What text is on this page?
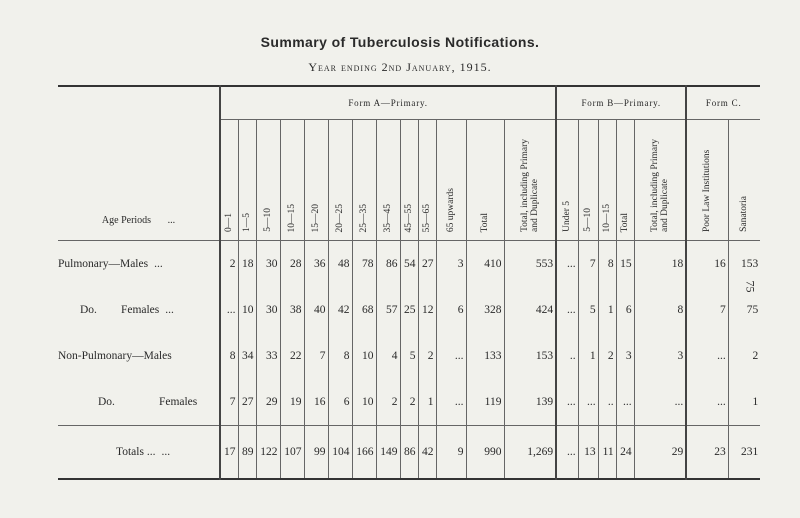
Summary of Tuberculosis Notifications.
Year ending 2nd January, 1915.
75
Age Periods ...	Form A—Primary.													Form B—Primary.					Form C.	

	0—1	1—5	5—10	10—15	15—20	20—25	25—35	35—45	45—55	55—65	65 upwards	Total	Total, including Primary and Duplicate	Under 5	5—10	10—15	Total	Total, including Primary and Duplicate	Poor Law Institutions	Sanatoria

Pulmonary—Males ...	2	18	30	28	36	48	78	86	54	27	3	410	553	...	7	8	15	18	16	153
Do. Females ...	...	10	30	38	40	42	68	57	25	12	6	328	424	...	5	1	6	8	7	75
Non-Pulmonary—Males	8	34	33	22	7	8	10	4	5	2	...	133	153	..	1	2	3	3	...	2
Do. Females	7	27	29	19	16	6	10	2	2	1	...	119	139	...	...	..	...	...	...	1
Totals ... ...	17	89	122	107	99	104	166	149	86	42	9	990	1,269	...	13	11	24	29	23	231
